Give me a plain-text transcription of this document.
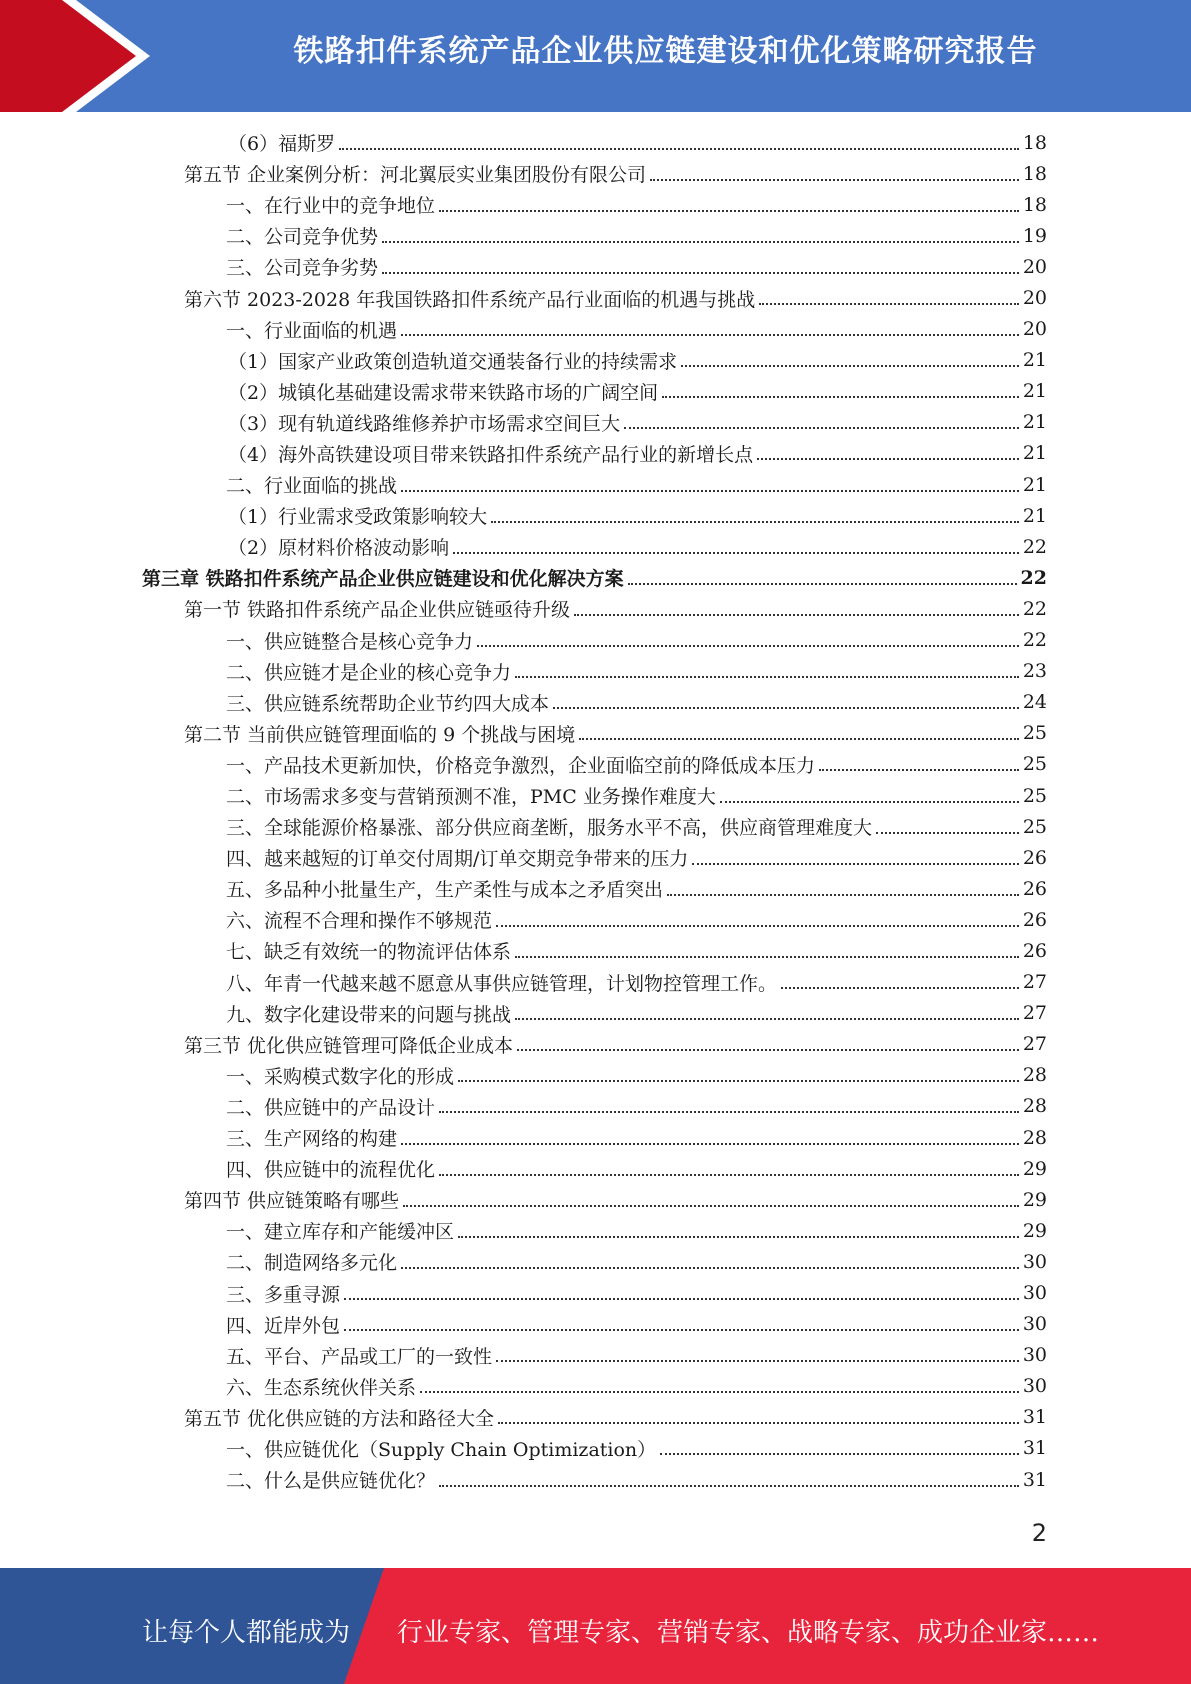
铁路扣件系统产品企业供应链建设和优化策略研究报告
（6）福斯罗	18
第五节 企业案例分析：河北翼辰实业集团股份有限公司	18
一、在行业中的竞争地位	18
二、公司竞争优势	19
三、公司竞争劣势	20
第六节 2023-2028 年我国铁路扣件系统产品行业面临的机遇与挑战	20
一、行业面临的机遇	20
（1）国家产业政策创造轨道交通装备行业的持续需求	21
（2）城镇化基础建设需求带来铁路市场的广阔空间	21
（3）现有轨道线路维修养护市场需求空间巨大	21
（4）海外高铁建设项目带来铁路扣件系统产品行业的新增长点	21
二、行业面临的挑战	21
（1）行业需求受政策影响较大	21
（2）原材料价格波动影响	22
第三章 铁路扣件系统产品企业供应链建设和优化解决方案	22
第一节 铁路扣件系统产品企业供应链亟待升级	22
一、供应链整合是核心竞争力	22
二、供应链才是企业的核心竞争力	23
三、供应链系统帮助企业节约四大成本	24
第二节 当前供应链管理面临的 9 个挑战与困境	25
一、产品技术更新加快，价格竞争激烈，企业面临空前的降低成本压力	25
二、市场需求多变与营销预测不准，PMC 业务操作难度大	25
三、全球能源价格暴涨、部分供应商垄断，服务水平不高，供应商管理难度大	25
四、越来越短的订单交付周期/订单交期竞争带来的压力	26
五、多品种小批量生产，生产柔性与成本之矛盾突出	26
六、流程不合理和操作不够规范	26
七、缺乏有效统一的物流评估体系	26
八、年青一代越来越不愿意从事供应链管理，计划物控管理工作。	27
九、数字化建设带来的问题与挑战	27
第三节 优化供应链管理可降低企业成本	27
一、采购模式数字化的形成	28
二、供应链中的产品设计	28
三、生产网络的构建	28
四、供应链中的流程优化	29
第四节 供应链策略有哪些	29
一、建立库存和产能缓冲区	29
二、制造网络多元化	30
三、多重寻源	30
四、近岸外包	30
五、平台、产品或工厂的一致性	30
六、生态系统伙伴关系	30
第五节 优化供应链的方法和路径大全	31
一、供应链优化（Supply Chain Optimization）	31
二、什么是供应链优化？	31
2
让每个人都能成为 行业专家、管理专家、营销专家、战略专家、成功企业家……
